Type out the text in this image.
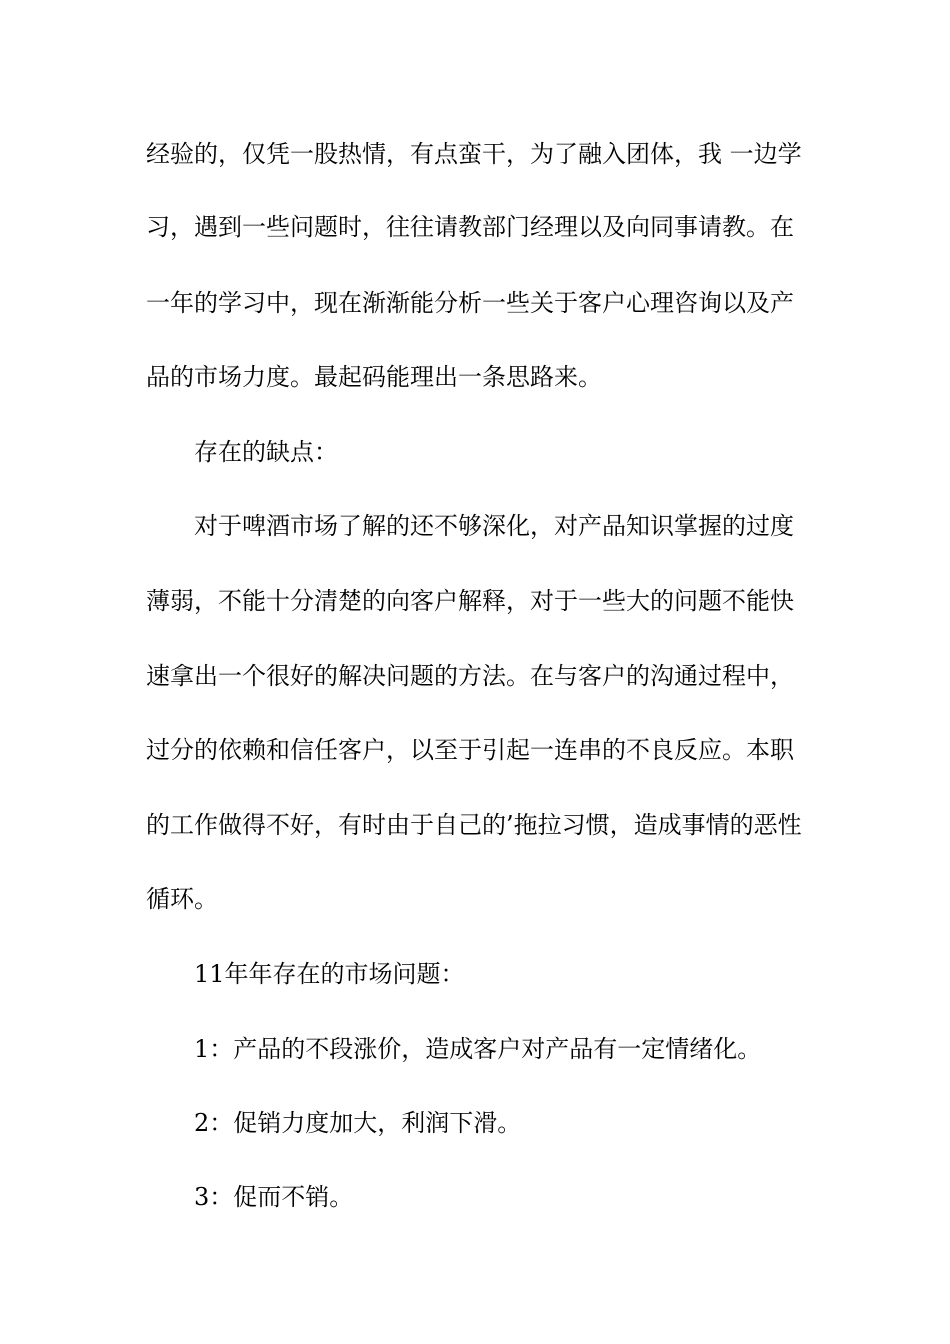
经验的，仅凭一股热情，有点蛮干，为了融入团体，我 一边学
习，遇到一些问题时，往往请教部门经理以及向同事请教。在
一年的学习中，现在渐渐能分析一些关于客户心理咨询以及产
品的市场力度。最起码能理出一条思路来。
存在的缺点：
对于啤酒市场了解的还不够深化，对产品知识掌握的过度
薄弱，不能十分清楚的向客户解释，对于一些大的问题不能快
速拿出一个很好的解决问题的方法。在与客户的沟通过程中，
过分的依赖和信任客户，以至于引起一连串的不良反应。本职
的工作做得不好，有时由于自己的’拖拉习惯，造成事情的恶性
循环。
11年年存在的市场问题：
1：产品的不段涨价，造成客户对产品有一定情绪化。
2：促销力度加大，利润下滑。
3：促而不销。
